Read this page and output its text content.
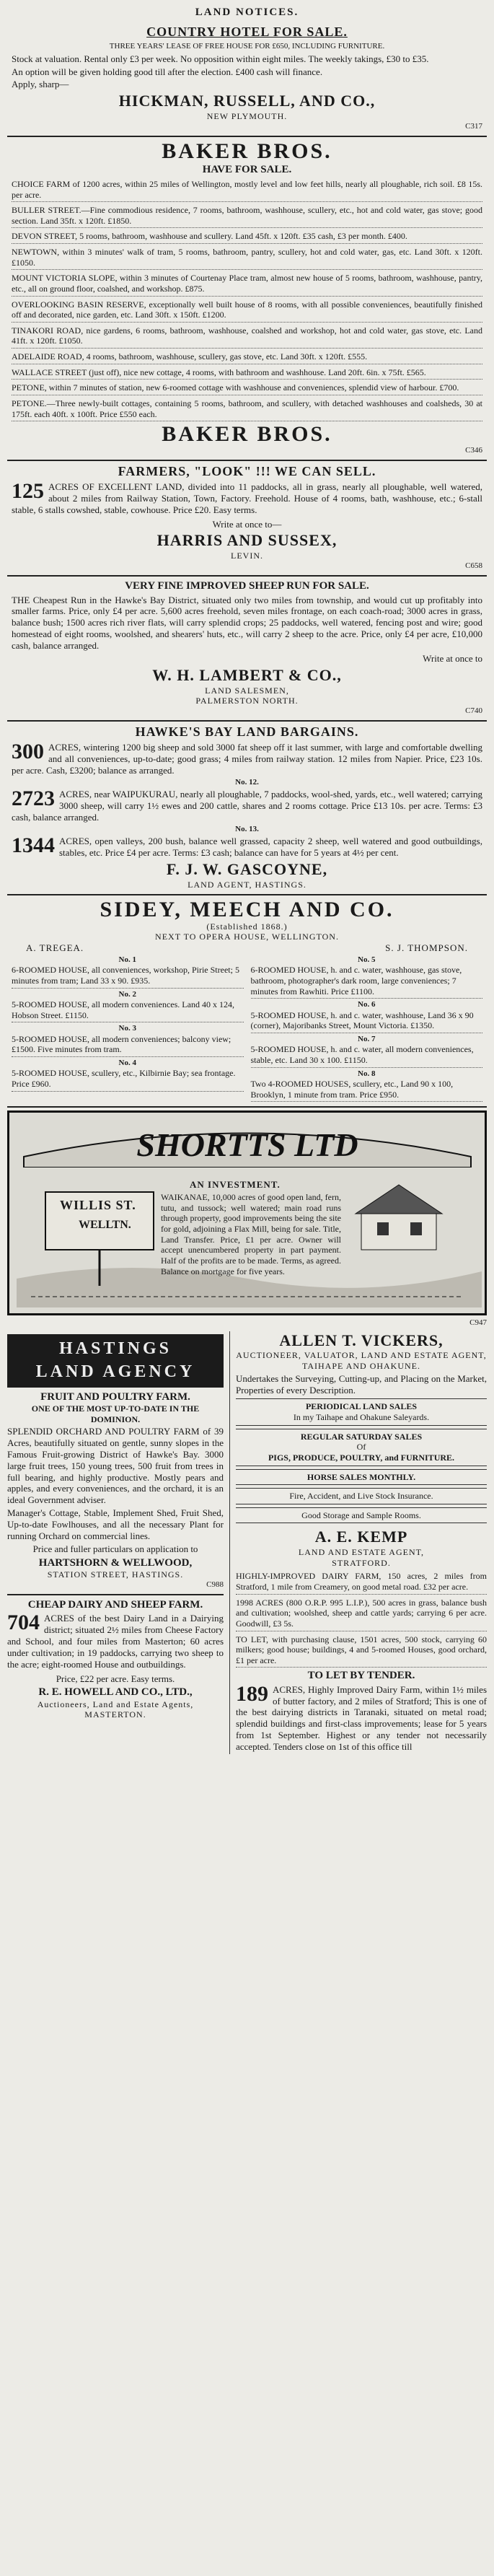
LAND NOTICES.
COUNTRY HOTEL FOR SALE.

THREE YEARS' LEASE OF FREE HOUSE FOR £650, INCLUDING FURNITURE.

Stock at valuation. Rental only £3 per week. No opposition within eight miles. The weekly takings, £30 to £35.

An option will be given holding good till after the election. £400 cash will finance.

Apply, sharp—

HICKMAN, RUSSELL, AND CO.,
NEW PLYMOUTH.
C317
BAKER BROS.
HAVE FOR SALE.

CHOICE FARM of 1200 acres, within 25 miles of Wellington, mostly level and low feet hills, nearly all ploughable, rich soil. £8 15s. per acre.

BULLER STREET.—Fine commodious residence, 7 rooms, bathroom, washhouse, scullery, etc., hot and cold water, gas stove; good section. Land 35ft. x 120ft. £1850.

DEVON STREET, 5 rooms, bathroom, washhouse and scullery. Land 45ft. x 120ft. £35 cash, £3 per month. £400.

NEWTOWN, within 3 minutes' walk of tram, 5 rooms, bathroom, pantry, scullery, hot and cold water, gas, etc. Land 30ft. x 120ft. £1050.

MOUNT VICTORIA SLOPE, within 3 minutes of Courtenay Place tram, almost new house of 5 rooms, bathroom, washhouse, pantry, etc., all on ground floor, coalshed, and workshop. £875.

OVERLOOKING BASIN RESERVE, exceptionally well built house of 8 rooms, with all possible conveniences, beautifully finished off and decorated, nice garden, etc. Land 30ft. x 150ft. £1200.

TINAKORI ROAD, nice gardens, 6 rooms, bathroom, washhouse, coalshed and workshop, hot and cold water, gas stove, etc. Land 41ft. x 120ft. £1050.

ADELAIDE ROAD, 4 rooms, bathroom, washhouse, scullery, gas stove, etc. Land 30ft. x 120ft. £555.

WALLACE STREET (just off), nice new cottage, 4 rooms, with bathroom and washhouse. Land 20ft. 6in. x 75ft. £565.

PETONE, within 7 minutes of station, new 6-roomed cottage with washhouse and conveniences, splendid view of harbour. £700.

PETONE.—Three newly-built cottages, containing 5 rooms, bathroom, and scullery, with detached washhouses and coalsheds, 30 at 175ft. each 40ft. x 100ft. Price £550 each.

BAKER BROS.
C346
FARMERS, "LOOK" !!! WE CAN SELL.
125 ACRES OF EXCELLENT LAND, divided into 11 paddocks, all in grass, nearly all ploughable, well watered, about 2 miles from Railway Station, Town, Factory. Freehold. House of 4 rooms, bath, washhouse, etc.; 6-stall stable, 6 stalls cowshed, stable, cowhouse. Price £20. Easy terms.

Write at once to—

HARRIS AND SUSSEX,
LEVIN.
C658
VERY FINE IMPROVED SHEEP RUN FOR SALE.

THE Cheapest Run in the Hawke's Bay District, situated only two miles from township, and would cut up profitably into smaller farms. Price, only £4 per acre. 5,600 acres freehold, seven miles frontage, on each coach-road; 3000 acres in grass, balance bush; 1500 acres rich river flats, will carry splendid crops; 25 paddocks, well watered, fencing post and wire; good homestead of eight rooms, woolshed, and shearers' huts, etc., will carry 2 sheep to the acre. Price, only £4 per acre, £10,000 cash, balance arranged.

Write at once to

W. H. LAMBERT & CO.,
LAND SALESMEN,
PALMERSTON NORTH.
C740
HAWKE'S BAY LAND BARGAINS.
300 ACRES, wintering 1200 big sheep and sold 3000 fat sheep off it last summer, with large and comfortable dwelling and all conveniences, up-to-date; good grass; 4 miles from railway station. 12 miles from Napier. Price, £23 10s. per acre. Cash, £3200; balance as arranged.

No. 12.
2723 ACRES, near WAIPUKURAU, nearly all ploughable, 7 paddocks, wool-shed, yards, etc., well watered; carrying 3000 sheep, will carry 1½ ewes and 200 cattle, shares and 2 rooms cottage. Price £13 10s. per acre. Terms: £3 cash, balance arranged.

No. 13.
1344 ACRES, open valleys, 200 bush, balance well grassed, capacity 2 sheep, well watered and good outbuildings, stables, etc. Price £4 per acre. Terms: £3 cash; balance can have for 5 years at 4½ per cent.

F. J. W. GASCOYNE,
LAND AGENT, HASTINGS.
SIDEY, MEECH AND CO.
(Established 1868.)
NEXT TO OPERA HOUSE, WELLINGTON.
A. TREGEA.	S. J. THOMPSON.
No. 1
6-ROOMED HOUSE, all conveniences, workshop, Pirie Street; 5 minutes from tram; Land 33 x 90. £935.
No. 2
5-ROOMED HOUSE, all modern conveniences. Land 40 x 124, Hobson Street. £1150.
No. 3
5-ROOMED HOUSE, all modern conveniences; balcony view; £1500. Five minutes from tram.
No. 4
5-ROOMED HOUSE, scullery, etc., Kilbirnie Bay; sea frontage. Price £960.
No. 5
6-ROOMED HOUSE, h. and c. water, washhouse, gas stove, bathroom, photographer's dark room, large conveniences; 7 minutes from Rawhiti. Price £1100.
No. 6
5-ROOMED HOUSE, h. and c. water, washhouse, Land 36 x 90 (corner), Majoribanks Street, Mount Victoria. £1350.
No. 7
5-ROOMED HOUSE, h. and c. water, all modern conveniences, stable, etc. Land 30 x 100. £1150.
No. 8
Two 4-ROOMED HOUSES, scullery, etc., Land 90 x 100, Brooklyn, 1 minute from tram. Price £950.
SHORTTS LTD
WILLIS ST.
WELLTN.
AN INVESTMENT.
WAIKANAE, 10,000 acres of good open land, fern, tutu, and tussock; well watered; main road runs through property, good improvements being the site for gold, adjoining a Flax Mill, being for sale. Title, Land Transfer. Price, £1 per acre. Owner will accept unencumbered property in part payment. Half of the profits are to be made. Terms, as agreed. Balance on mortgage for five years.
C947
HASTINGS
LAND AGENCY
FRUIT AND POULTRY FARM.
ONE OF THE MOST UP-TO-DATE IN THE DOMINION.

SPLENDID ORCHARD AND POULTRY FARM of 39 Acres, beautifully situated on gentle, sunny slopes in the Famous Fruit-growing District of Hawke's Bay. 3000 large fruit trees, 150 young trees, 500 fruit from trees in full bearing, and highly productive. Mostly pears and apples, and every conveniences, and the orchard, it is an ideal Government adviser.

Manager's Cottage, Stable, Implement Shed, Fruit Shed, Up-to-date Fowlhouses, and all the necessary Plant for running Orchard on commercial lines.

Price and fuller particulars on application to

HARTSHORN & WELLWOOD,
STATION STREET, HASTINGS.
C988
CHEAP DAIRY AND SHEEP FARM.
704 ACRES of the best Dairy Land in a Dairying district; situated 2½ miles from Cheese Factory and School, and four miles from Masterton; 60 acres under cultivation; in 19 paddocks, carrying two sheep to the acre; eight-roomed House and outbuildings.

Price, £22 per acre. Easy terms.

R. E. HOWELL AND CO., LTD.,
Auctioneers, Land and Estate Agents,
MASTERTON.
ALLEN T. VICKERS,
AUCTIONEER, VALUATOR, LAND AND ESTATE AGENT,
TAIHAPE AND OHAKUNE.

Undertakes the Surveying, Cutting-up, and Placing on the Market, Properties of every Description.

PERIODICAL LAND SALES
In my Taihape and Ohakune Saleyards.
REGULAR SATURDAY SALES
Of
PIGS, PRODUCE, POULTRY, and FURNITURE.
HORSE SALES MONTHLY.
Fire, Accident, and Live Stock Insurance.
Good Storage and Sample Rooms.
A. E. KEMP
LAND AND ESTATE AGENT,
STRATFORD.

HIGHLY-IMPROVED DAIRY FARM, 150 acres, 2 miles from Stratford, 1 mile from Creamery, on good metal road. £32 per acre.

1998 ACRES (800 O.R.P. 995 L.I.P.), 500 acres in grass, balance bush and cultivation; woolshed, sheep and cattle yards; carrying 6 per acre. Goodwill, £3 5s.

TO LET, with purchasing clause, 1501 acres, 500 stock, carrying 60 milkers; good house; buildings, 4 and 5-roomed Houses, good orchard, £1 per acre.

TO LET BY TENDER.
189 ACRES, Highly Improved Dairy Farm, within 1½ miles of butter factory, and 2 miles of Stratford; This is one of the best dairying districts in Taranaki, situated on metal road; splendid buildings and first-class improvements; lease for 5 years from 1st September. Highest or any tender not necessarily accepted. Tenders close on 1st of this office till
